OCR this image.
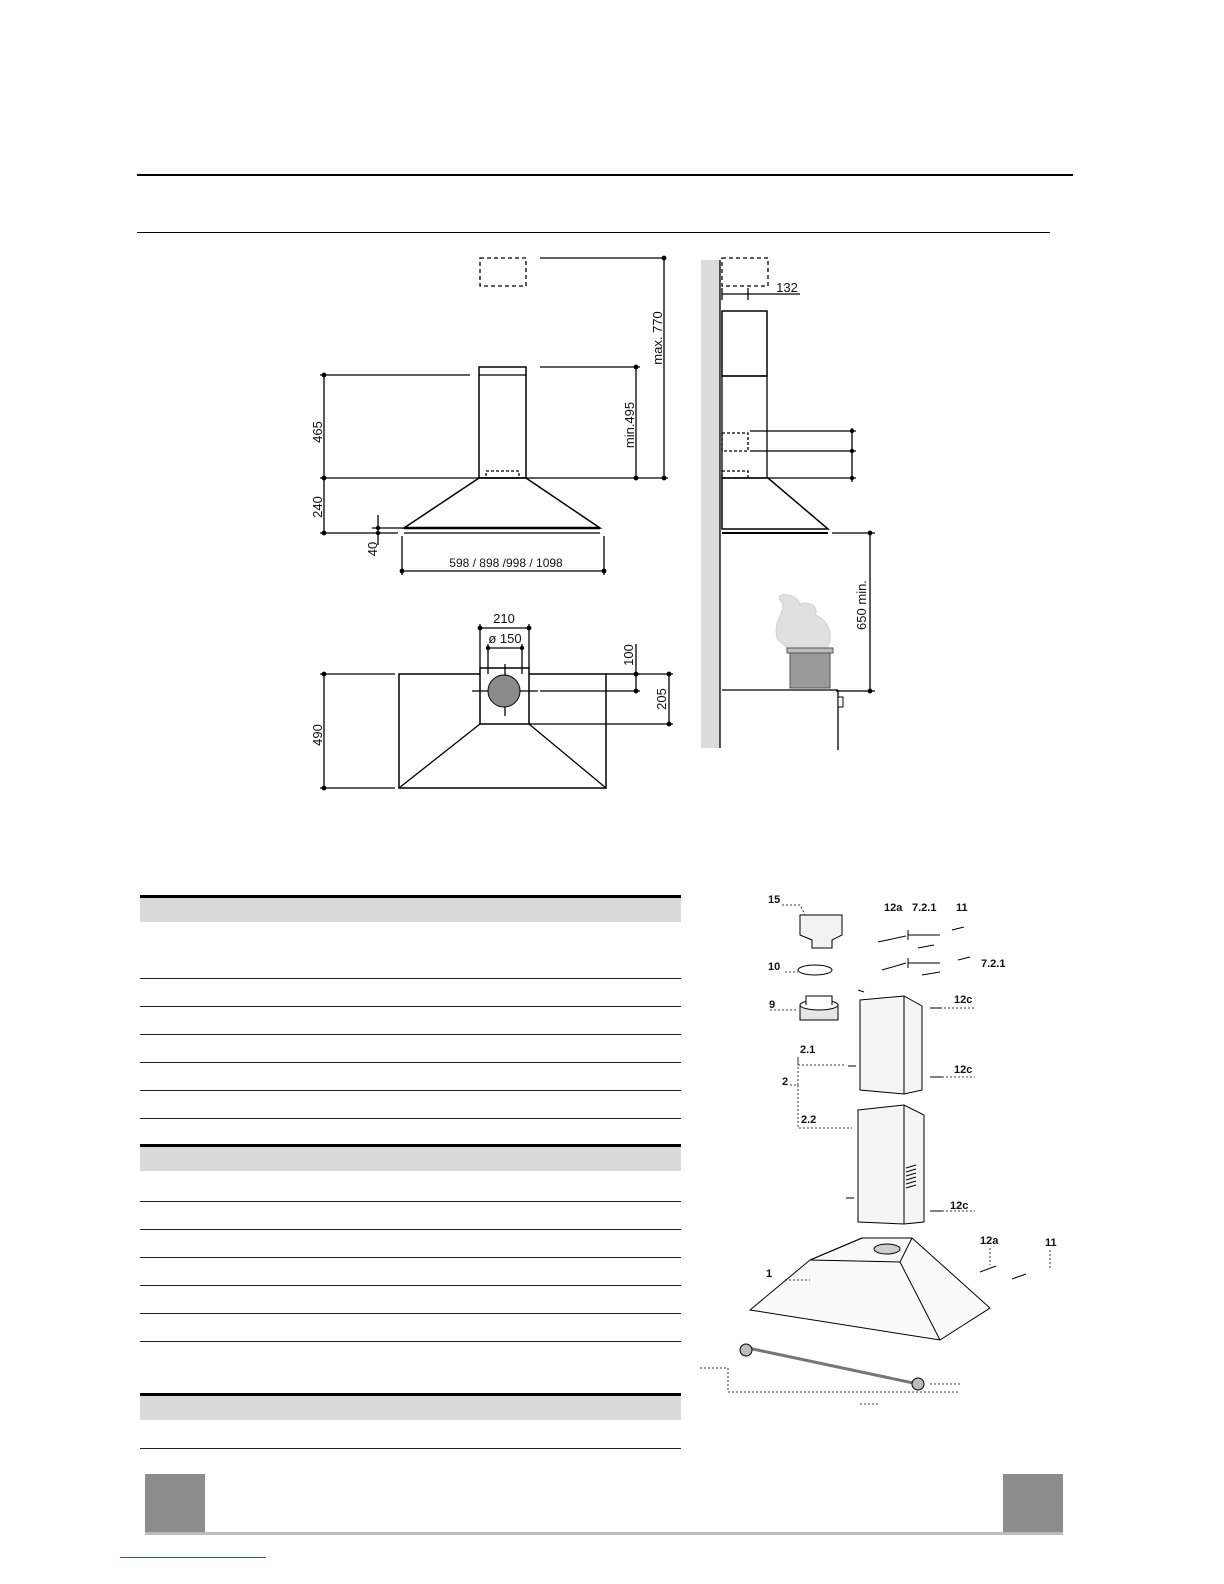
465
240
40
min.495
max. 770
598 / 898 /998 / 1098
210
ø 150
100
205
490
132
650 min.
15
12a 7.2.1 11
10	7.2.1
9	12c
2.1
12c
2
2.2
12c
12a	11
1
